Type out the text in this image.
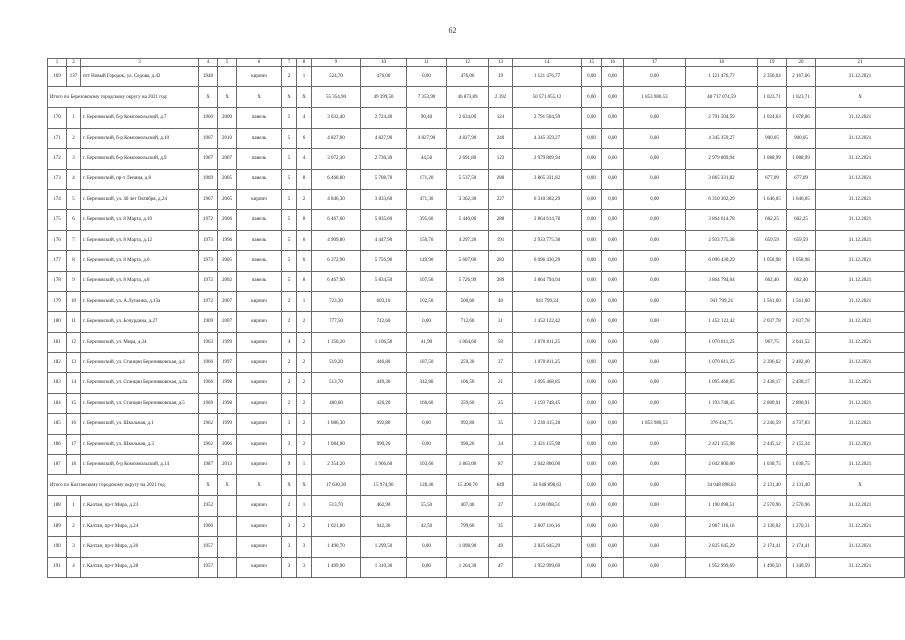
62
1	2	3	4	5	6	7	8	9	10	11	12	13	14	15	16	17	18	19	20	21
169	137	пгт Новый Городок, ул. Седова, д.42	1948		кирпич	2	1	524,70	476,00	0,00	476,00	19	1 121 476,77	0,00	0,00	0,00	1 121 476,77	2 356,04	2 167,66	31.12.2021
Итого по Березовскому городскому округу на 2021 год:			X	X	X	X	X	55 354,90	49 399,50	7 353,90	46 873,89	2 392	50 571 055,12	0,00	0,00	1 853 980,53	48 717 074,59	1 023,71	1 023,71	X
170	1	г. Березовский, б-р Комсомольский, д.7	1966	2000	панель	5	4	3 032,40	2 724,40	90,40	2 634,00	124	2 791 504,59	0,00	0,00	0,00	2 791 504,59	1 024,63	1 078,06	31.12.2021
171	2	г. Березовский, б-р Комсомольский, д.10	1967	2010	панель	5	6	4 827,90	4 827,90	4 827,90	4 827,90	240	4 345 359,27	0,00	0,00	0,00	4 345 359,27	900,05	900,05	31.12.2021
172	3	г. Березовский, б-р Комсомольский, д.9	1967	2007	панель	5	4	3 072,30	2 736,30	44,50	2 691,80	123	2 979 809,94	0,00	0,00	0,00	2 979 809,94	1 088,99	1 088,99	31.12.2021
173	4	г. Березовский, пр-т Ленина, д.8	1969	2005	панель	5	8	6 468,80	5 708,70	171,20	5 537,50	280	3 865 331,82	0,00	0,00	0,00	3 865 331,82	677,09	677,09	31.12.2021
174	5	г. Березовский, ул. 40 лет Октября, д.24	1967	2005	кирпич	5	2	4 846,30	3 833,60	471,30	3 362,30	227	6 310 302,29	0,00	0,00	0,00	6 310 302,29	1 646,05	1 646,05	31.12.2021
175	6	г. Березовский, ул. 8 Марта, д.10	1972	2006	панель	5	8	6 467,60	5 835,60	395,60	5 440,00	288	3 864 614,78	0,00	0,00	0,00	3 864 614,78	662,25	662,25	31.12.2021
176	7	г. Березовский, ул. 8 Марта, д.12	1973	1996	панель	5	6	4 909,80	4 447,90	150,70	4 297,20	191	2 933 775,38	0,00	0,00	0,00	2 933 775,38	659,59	659,59	31.12.2021
177	8	г. Березовский, ул. 8 Марта, д.6	1973	2005	панель	5	6	6 372,90	5 756,90	149,90	5 607,00	283	6 096 430,29	0,00	0,00	0,00	6 096 430,29	1 058,98	1 058,98	31.12.2021
178	9	г. Березовский, ул. 8 Марта, д.8	1972	2002	панель	5	8	6 467,90	5 834,50	107,50	5 726,99	289	3 864 794,04	0,00	0,00	0,00	3 864 794,04	662,40	662,40	31.12.2021
179	10	г. Березовский, ул. А.Лупкина, д.13а	1972	2007	кирпич	2	1	723,30	603,10	102,50	500,60	40	941 799,24	0,00	0,00	0,00	941 799,24	1 561,60	1 561,60	31.12.2021
180	11	г. Березовский, ул. Бочурдина, д.27	1969	2007	кирпич	2	2	777,50	712,60	0,00	712,60	31	1 452 122,42	0,00	0,00	0,00	1 452 122,42	2 037,78	2 037,78	31.12.2021
181	12	г. Березовский, ул. Мира, д.34	1963	1999	кирпич	4	2	1 350,20	1 106,50	41,90	1 064,60	50	1 070 811,25	0,00	0,00	0,00	1 070 811,25	967,75	2 041,52	31.12.2021
182	13	г. Березовский, ул. Станции Березняковская, д.4	1966	1997	кирпич	2	2	519,20	446,80	187,50	259,30	27	1 070 811,25	0,00	0,00	0,00	1 070 811,25	2 396,62	2 482,40	31.12.2021
183	14	г. Березовский, ул. Станции Березняковская, д.4а	1966	1998	кирпич	2	2	513,70	449,30	342,80	106,50	21	1 095 468,85	0,00	0,00	0,00	1 095 468,85	2 438,17	2 438,17	31.12.2021
184	15	г. Березовский, ул. Станции Березняковская, д.5	1969	1998	кирпич	2	2	480,60	426,20	166,60	259,60	25	1 193 748,45	0,00	0,00	0,00	1 193 748,45	2 800,91	2 800,91	31.12.2021
185	16	г. Березовский, ул. Школьная, д.1	1962	1999	кирпич	3	2	1 086,30	992,80	0,00	992,80	35	2 230 415,28	0,00	0,00	1 853 980,53	376 434,75	2 246,59	4 737,83	31.12.2021
186	17	г. Березовский, ул. Школьная, д.3	1962	2006	кирпич	3	2	1 084,00	990,20	0,00	990,20	34	2 421 155,98	0,00	0,00	0,00	2 421 155,98	2 445,12	2 155,34	31.12.2021
187	18	г. Березовский, б-р Комсомольский, д.14	1987	2013	кирпич	9	1	2 354,20	1 966,60	103,60	1 863,00	87	2 042 800,00	0,00	0,00	0,00	2 042 800,00	1 038,75	1 038,75	31.12.2021
Итого по Калтанскому городскому округу на 2021 год:			X	X	X	X	X	17 630,30	15 974,90	128,40	15 490,70	649	34 048 898,63	0,00	0,00	0,00	34 048 898,63	2 131,40	2 131,40	X
188	1	г. Калтан, пр-т Мира, д.23	1952		кирпич	2	1	513,70	462,90	55,50	407,40	27	1 190 098,51	0,00	0,00	0,00	1 190 098,51	2 570,96	2 570,96	31.12.2021
189	2	г. Калтан, пр-т Мира, д.24	1960		кирпич	3	2	1 021,80	942,30	42,50	799,60	35	2 007 116,16	0,00	0,00	0,00	2 007 116,16	2 130,02	1 270,31	31.12.2021
190	3	г. Калтан, пр-т Мира, д.26	1957		кирпич	3	3	1 490,70	1 299,50	0,00	1 098,90	49	2 825 645,29	0,00	0,00	0,00	2 825 645,29	2 174,41	2 174,41	31.12.2021
191	4	г. Калтан, пр-т Мира, д.28	1957		кирпич	3	3	1 499,90	1 310,30	0,00	1 264,30	47	1 952 999,69	0,00	0,00	0,00	1 952 999,69	1 490,50	1 340,59	31.12.2021
